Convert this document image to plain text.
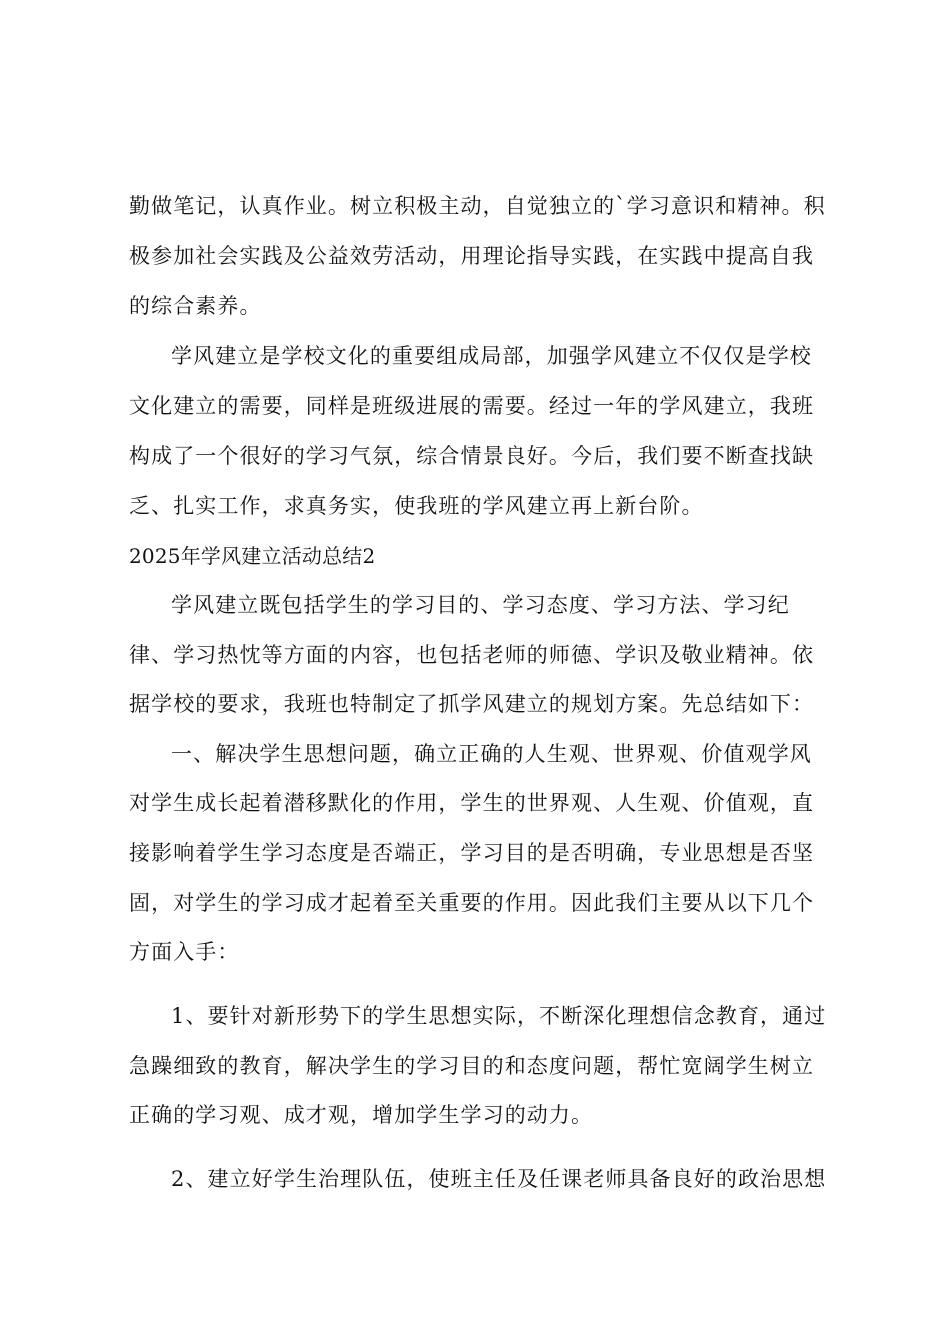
勤做笔记，认真作业。树立积极主动，自觉独立的`学习意识和精神。积
极参加社会实践及公益效劳活动，用理论指导实践，在实践中提高自我
的综合素养。
学风建立是学校文化的重要组成局部，加强学风建立不仅仅是学校
文化建立的需要，同样是班级进展的需要。经过一年的学风建立，我班
构成了一个很好的学习气氛，综合情景良好。今后，我们要不断查找缺
乏、扎实工作，求真务实，使我班的学风建立再上新台阶。
2025年学风建立活动总结2
学风建立既包括学生的学习目的、学习态度、学习方法、学习纪
律、学习热忱等方面的内容，也包括老师的师德、学识及敬业精神。依
据学校的要求，我班也特制定了抓学风建立的规划方案。先总结如下：
一、解决学生思想问题，确立正确的人生观、世界观、价值观学风
对学生成长起着潜移默化的作用，学生的世界观、人生观、价值观，直
接影响着学生学习态度是否端正，学习目的是否明确，专业思想是否坚
固，对学生的学习成才起着至关重要的作用。因此我们主要从以下几个
方面入手：
1、要针对新形势下的学生思想实际，不断深化理想信念教育，通过
急躁细致的教育，解决学生的学习目的和态度问题，帮忙宽阔学生树立
正确的学习观、成才观，增加学生学习的动力。
2、建立好学生治理队伍，使班主任及任课老师具备良好的政治思想
